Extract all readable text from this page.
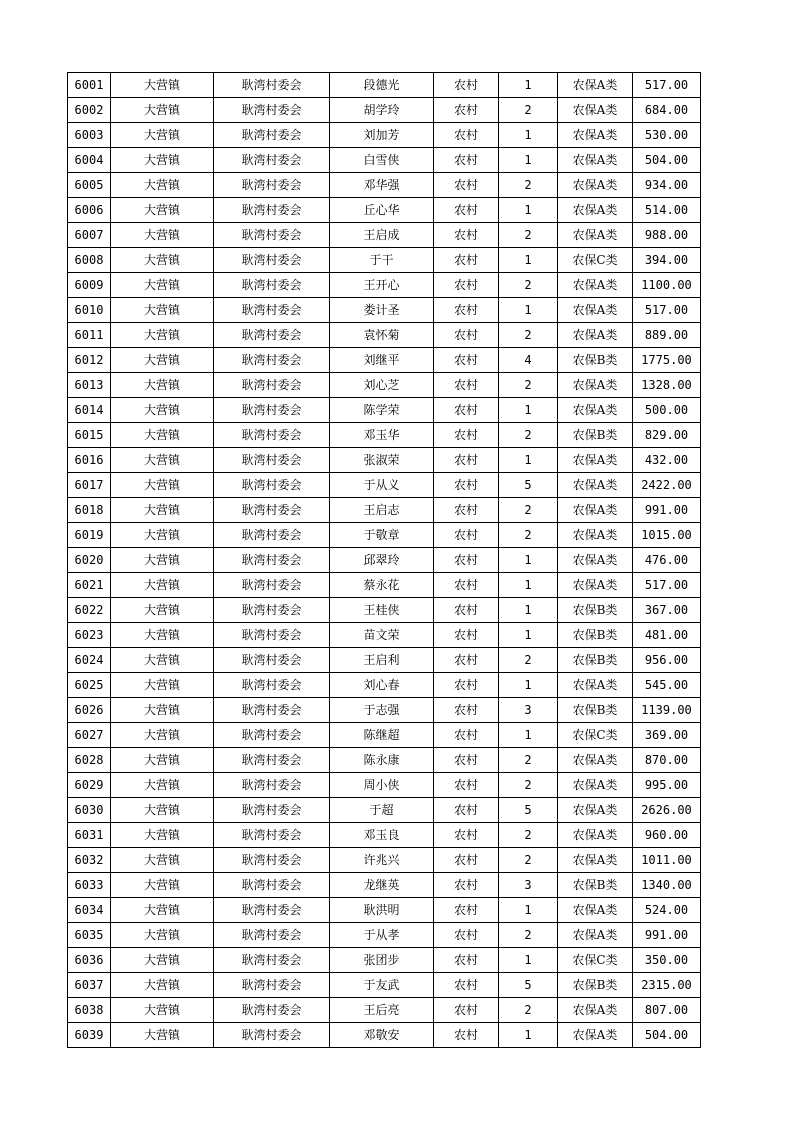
6001	大营镇	耿湾村委会	段德光	农村	1	农保A类	517.00
6002	大营镇	耿湾村委会	胡学玲	农村	2	农保A类	684.00
6003	大营镇	耿湾村委会	刘加芳	农村	1	农保A类	530.00
6004	大营镇	耿湾村委会	白雪侠	农村	1	农保A类	504.00
6005	大营镇	耿湾村委会	邓华强	农村	2	农保A类	934.00
6006	大营镇	耿湾村委会	丘心华	农村	1	农保A类	514.00
6007	大营镇	耿湾村委会	王启成	农村	2	农保A类	988.00
6008	大营镇	耿湾村委会	于干	农村	1	农保C类	394.00
6009	大营镇	耿湾村委会	王开心	农村	2	农保A类	1100.00
6010	大营镇	耿湾村委会	娄计圣	农村	1	农保A类	517.00
6011	大营镇	耿湾村委会	袁怀菊	农村	2	农保A类	889.00
6012	大营镇	耿湾村委会	刘继平	农村	4	农保B类	1775.00
6013	大营镇	耿湾村委会	刘心芝	农村	2	农保A类	1328.00
6014	大营镇	耿湾村委会	陈学荣	农村	1	农保A类	500.00
6015	大营镇	耿湾村委会	邓玉华	农村	2	农保B类	829.00
6016	大营镇	耿湾村委会	张淑荣	农村	1	农保A类	432.00
6017	大营镇	耿湾村委会	于从义	农村	5	农保A类	2422.00
6018	大营镇	耿湾村委会	王启志	农村	2	农保A类	991.00
6019	大营镇	耿湾村委会	于敬章	农村	2	农保A类	1015.00
6020	大营镇	耿湾村委会	邱翠玲	农村	1	农保A类	476.00
6021	大营镇	耿湾村委会	蔡永花	农村	1	农保A类	517.00
6022	大营镇	耿湾村委会	王桂侠	农村	1	农保B类	367.00
6023	大营镇	耿湾村委会	苗文荣	农村	1	农保B类	481.00
6024	大营镇	耿湾村委会	王启利	农村	2	农保B类	956.00
6025	大营镇	耿湾村委会	刘心春	农村	1	农保A类	545.00
6026	大营镇	耿湾村委会	于志强	农村	3	农保B类	1139.00
6027	大营镇	耿湾村委会	陈继超	农村	1	农保C类	369.00
6028	大营镇	耿湾村委会	陈永康	农村	2	农保A类	870.00
6029	大营镇	耿湾村委会	周小侠	农村	2	农保A类	995.00
6030	大营镇	耿湾村委会	于超	农村	5	农保A类	2626.00
6031	大营镇	耿湾村委会	邓玉良	农村	2	农保A类	960.00
6032	大营镇	耿湾村委会	许兆兴	农村	2	农保A类	1011.00
6033	大营镇	耿湾村委会	龙继英	农村	3	农保B类	1340.00
6034	大营镇	耿湾村委会	耿洪明	农村	1	农保A类	524.00
6035	大营镇	耿湾村委会	于从孝	农村	2	农保A类	991.00
6036	大营镇	耿湾村委会	张团步	农村	1	农保C类	350.00
6037	大营镇	耿湾村委会	于友武	农村	5	农保B类	2315.00
6038	大营镇	耿湾村委会	王后亮	农村	2	农保A类	807.00
6039	大营镇	耿湾村委会	邓敬安	农村	1	农保A类	504.00
